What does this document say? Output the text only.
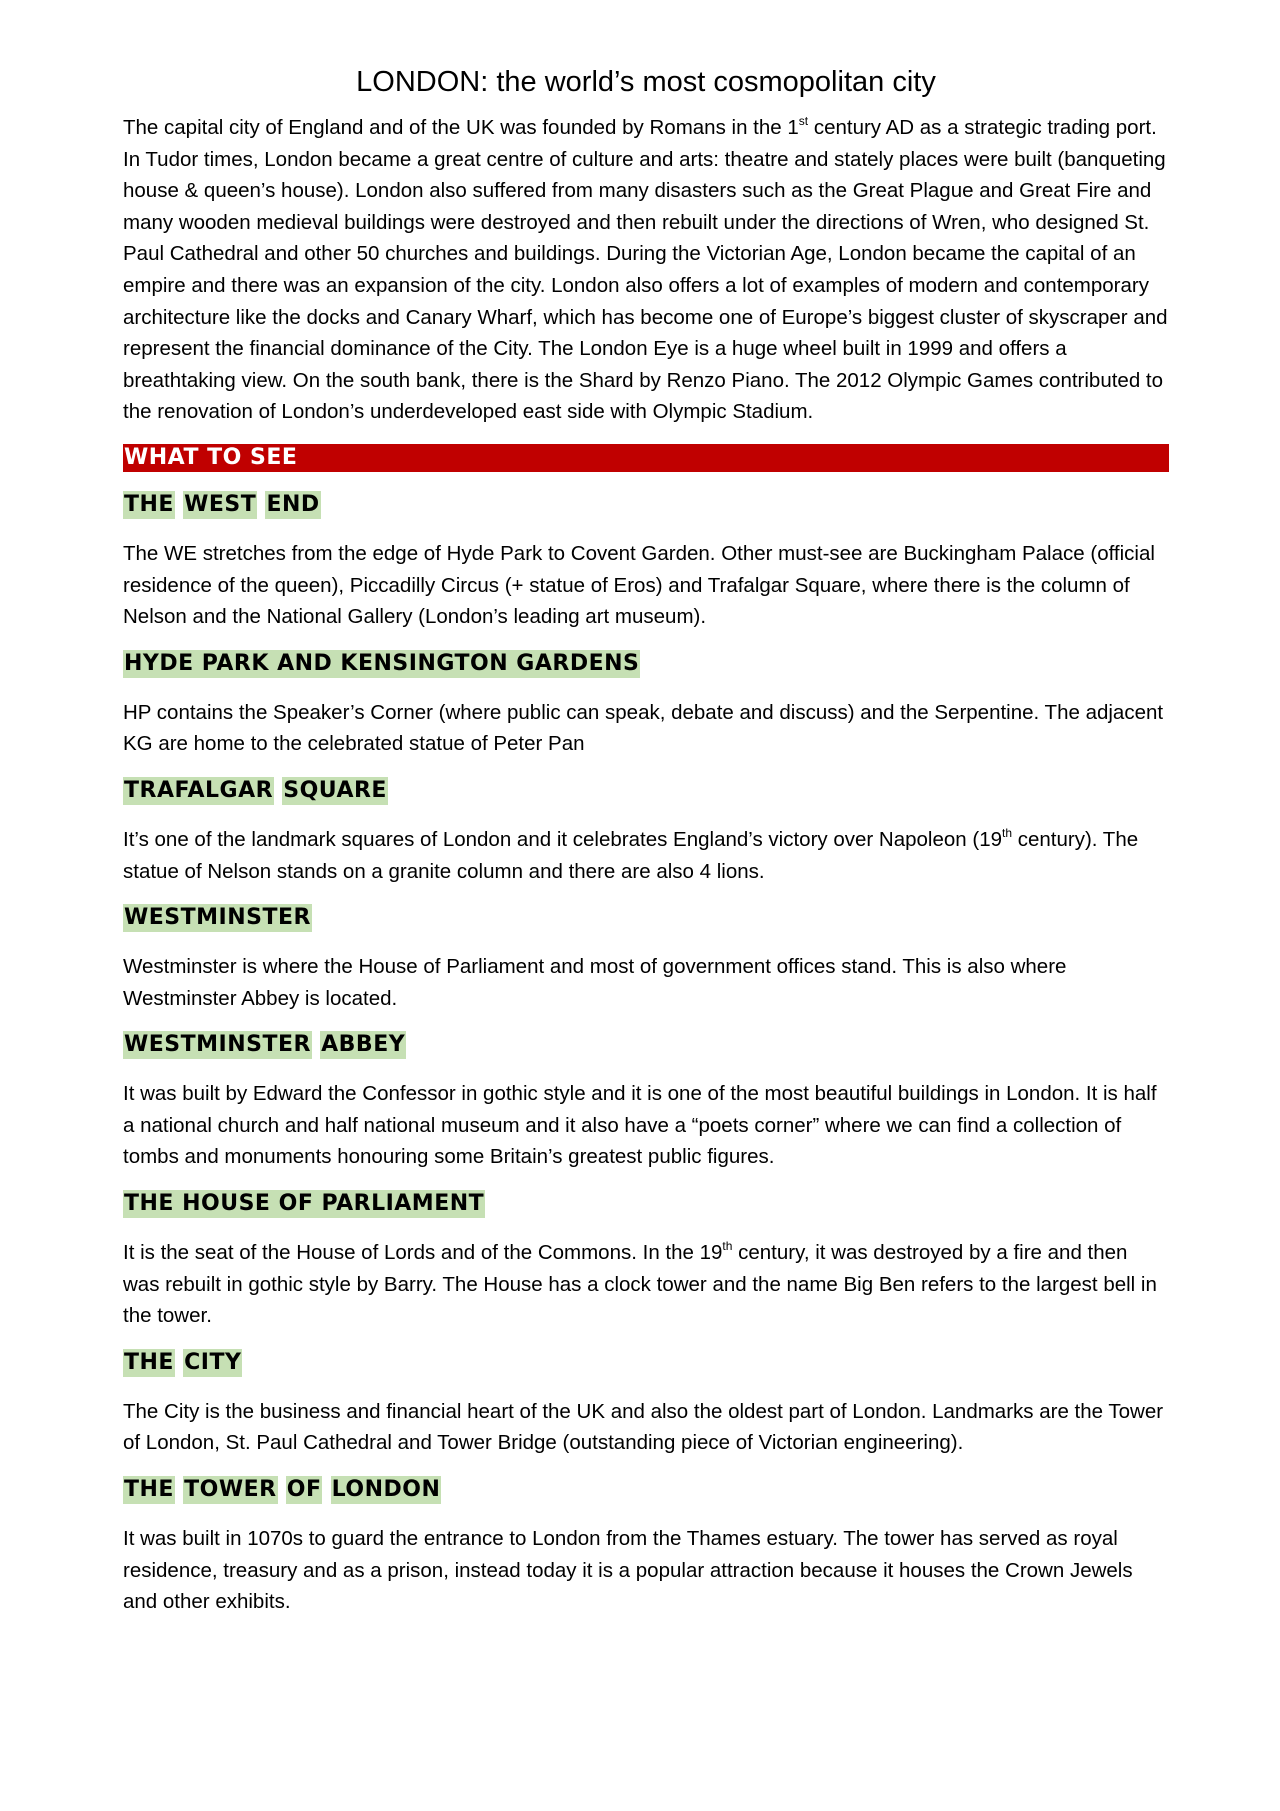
LONDON: the world’s most cosmopolitan city

The capital city of England and of the UK was founded by Romans in the 1st century AD as a strategic trading port. In Tudor times, London became a great centre of culture and arts: theatre and stately places were built (banqueting house & queen’s house). London also suffered from many disasters such as the Great Plague and Great Fire and many wooden medieval buildings were destroyed and then rebuilt under the directions of Wren, who designed St. Paul Cathedral and other 50 churches and buildings. During the Victorian Age, London became the capital of an empire and there was an expansion of the city. London also offers a lot of examples of modern and contemporary architecture like the docks and Canary Wharf, which has become one of Europe’s biggest cluster of skyscraper and represent the financial dominance of the City. The London Eye is a huge wheel built in 1999 and offers a breathtaking view. On the south bank, there is the Shard by Renzo Piano. The 2012 Olympic Games contributed to the renovation of London’s underdeveloped east side with Olympic Stadium.

WHAT TO SEE
THE WEST END

The WE stretches from the edge of Hyde Park to Covent Garden. Other must-see are Buckingham Palace (official residence of the queen), Piccadilly Circus (+ statue of Eros) and Trafalgar Square, where there is the column of Nelson and the National Gallery (London’s leading art museum).

HYDE PARK AND KENSINGTON GARDENS

HP contains the Speaker’s Corner (where public can speak, debate and discuss) and the Serpentine. The adjacent KG are home to the celebrated statue of Peter Pan

TRAFALGAR SQUARE

It’s one of the landmark squares of London and it celebrates England’s victory over Napoleon (19th century). The statue of Nelson stands on a granite column and there are also 4 lions.

WESTMINSTER

Westminster is where the House of Parliament and most of government offices stand. This is also where Westminster Abbey is located.

WESTMINSTER ABBEY

It was built by Edward the Confessor in gothic style and it is one of the most beautiful buildings in London. It is half a national church and half national museum and it also have a “poets corner” where we can find a collection of tombs and monuments honouring some Britain’s greatest public figures.

THE HOUSE OF PARLIAMENT

It is the seat of the House of Lords and of the Commons. In the 19th century, it was destroyed by a fire and then was rebuilt in gothic style by Barry. The House has a clock tower and the name Big Ben refers to the largest bell in the tower.

THE CITY

The City is the business and financial heart of the UK and also the oldest part of London. Landmarks are the Tower of London, St. Paul Cathedral and Tower Bridge (outstanding piece of Victorian engineering).

THE TOWER OF LONDON

It was built in 1070s to guard the entrance to London from the Thames estuary. The tower has served as royal residence, treasury and as a prison, instead today it is a popular attraction because it houses the Crown Jewels and other exhibits.
